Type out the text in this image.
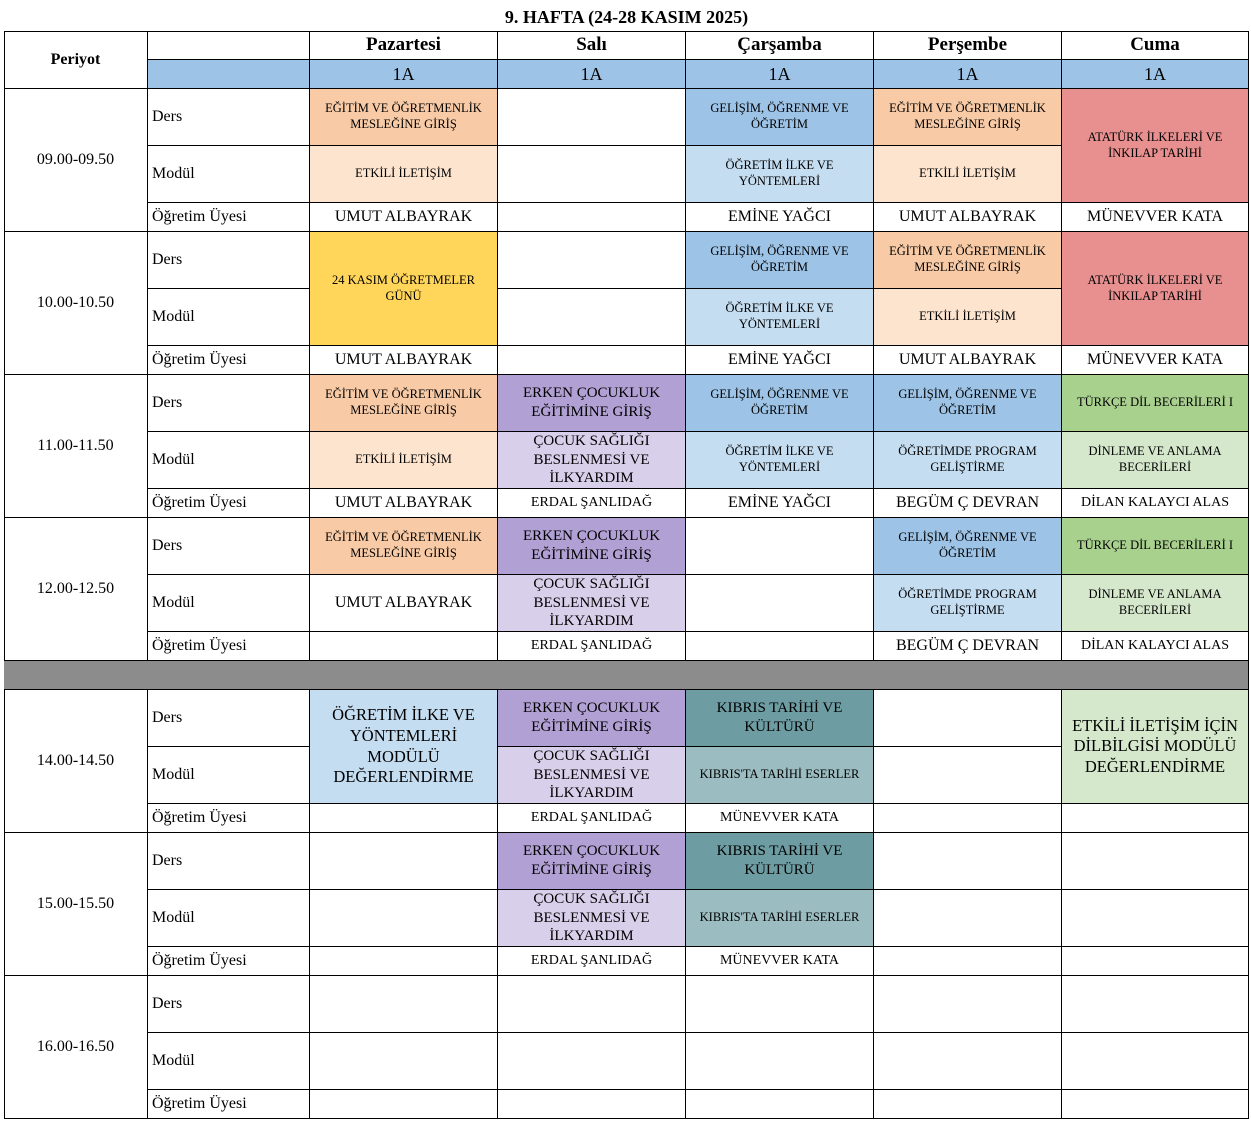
9. HAFTA (24-28 KASIM 2025)
Periyot
Pazartesi
1A
Salı
1A
Çarşamba
1A
Perşembe
1A
Cuma
1A
09.00-09.50
Ders
Modül
Öğretim Üyesi
EĞİTİM VE ÖĞRETMENLİK MESLEĞİNE GİRİŞ
ETKİLİ İLETİŞİM
UMUT ALBAYRAK
GELİŞİM, ÖĞRENME VE ÖĞRETİM
ÖĞRETİM İLKE VE YÖNTEMLERİ
EMİNE YAĞCI
EĞİTİM VE ÖĞRETMENLİK MESLEĞİNE GİRİŞ
ETKİLİ İLETİŞİM
UMUT ALBAYRAK
ATATÜRK İLKELERİ VE İNKILAP TARİHİ
MÜNEVVER KATA
10.00-10.50
Ders
Modül
Öğretim Üyesi
24 KASIM ÖĞRETMELER GÜNÜ
UMUT ALBAYRAK
GELİŞİM, ÖĞRENME VE ÖĞRETİM
ÖĞRETİM İLKE VE YÖNTEMLERİ
EMİNE YAĞCI
EĞİTİM VE ÖĞRETMENLİK MESLEĞİNE GİRİŞ
ETKİLİ İLETİŞİM
UMUT ALBAYRAK
ATATÜRK İLKELERİ VE İNKILAP TARİHİ
MÜNEVVER KATA
11.00-11.50
Ders
Modül
Öğretim Üyesi
EĞİTİM VE ÖĞRETMENLİK MESLEĞİNE GİRİŞ
ETKİLİ İLETİŞİM
UMUT ALBAYRAK
ERKEN ÇOCUKLUK EĞİTİMİNE GİRİŞ
ÇOCUK SAĞLIĞI BESLENMESİ VE İLKYARDIM
ERDAL ŞANLIDAĞ
GELİŞİM, ÖĞRENME VE ÖĞRETİM
ÖĞRETİM İLKE VE YÖNTEMLERİ
EMİNE YAĞCI
GELİŞİM, ÖĞRENME VE ÖĞRETİM
ÖĞRETİMDE PROGRAM GELİŞTİRME
BEGÜM Ç DEVRAN
TÜRKÇE DİL BECERİLERİ I
DİNLEME VE ANLAMA BECERİLERİ
DİLAN KALAYCI ALAS
12.00-12.50
Ders
Modül
Öğretim Üyesi
EĞİTİM VE ÖĞRETMENLİK MESLEĞİNE GİRİŞ
UMUT ALBAYRAK
ERKEN ÇOCUKLUK EĞİTİMİNE GİRİŞ
ÇOCUK SAĞLIĞI BESLENMESİ VE İLKYARDIM
ERDAL ŞANLIDAĞ
GELİŞİM, ÖĞRENME VE ÖĞRETİM
ÖĞRETİMDE PROGRAM GELİŞTİRME
BEGÜM Ç DEVRAN
TÜRKÇE DİL BECERİLERİ I
DİNLEME VE ANLAMA BECERİLERİ
DİLAN KALAYCI ALAS
14.00-14.50
Ders
Modül
Öğretim Üyesi
ÖĞRETİM İLKE VE YÖNTEMLERİ MODÜLÜ DEĞERLENDİRME
ERKEN ÇOCUKLUK EĞİTİMİNE GİRİŞ
ÇOCUK SAĞLIĞI BESLENMESİ VE İLKYARDIM
ERDAL ŞANLIDAĞ
KIBRIS TARİHİ VE KÜLTÜRÜ
KIBRIS'TA TARİHİ ESERLER
MÜNEVVER KATA
ETKİLİ İLETİŞİM İÇİN DİLBİLGİSİ MODÜLÜ DEĞERLENDİRME
15.00-15.50
Ders
Modül
Öğretim Üyesi
ERKEN ÇOCUKLUK EĞİTİMİNE GİRİŞ
ÇOCUK SAĞLIĞI BESLENMESİ VE İLKYARDIM
ERDAL ŞANLIDAĞ
KIBRIS TARİHİ VE KÜLTÜRÜ
KIBRIS'TA TARİHİ ESERLER
MÜNEVVER KATA
16.00-16.50
Ders
Modül
Öğretim Üyesi
